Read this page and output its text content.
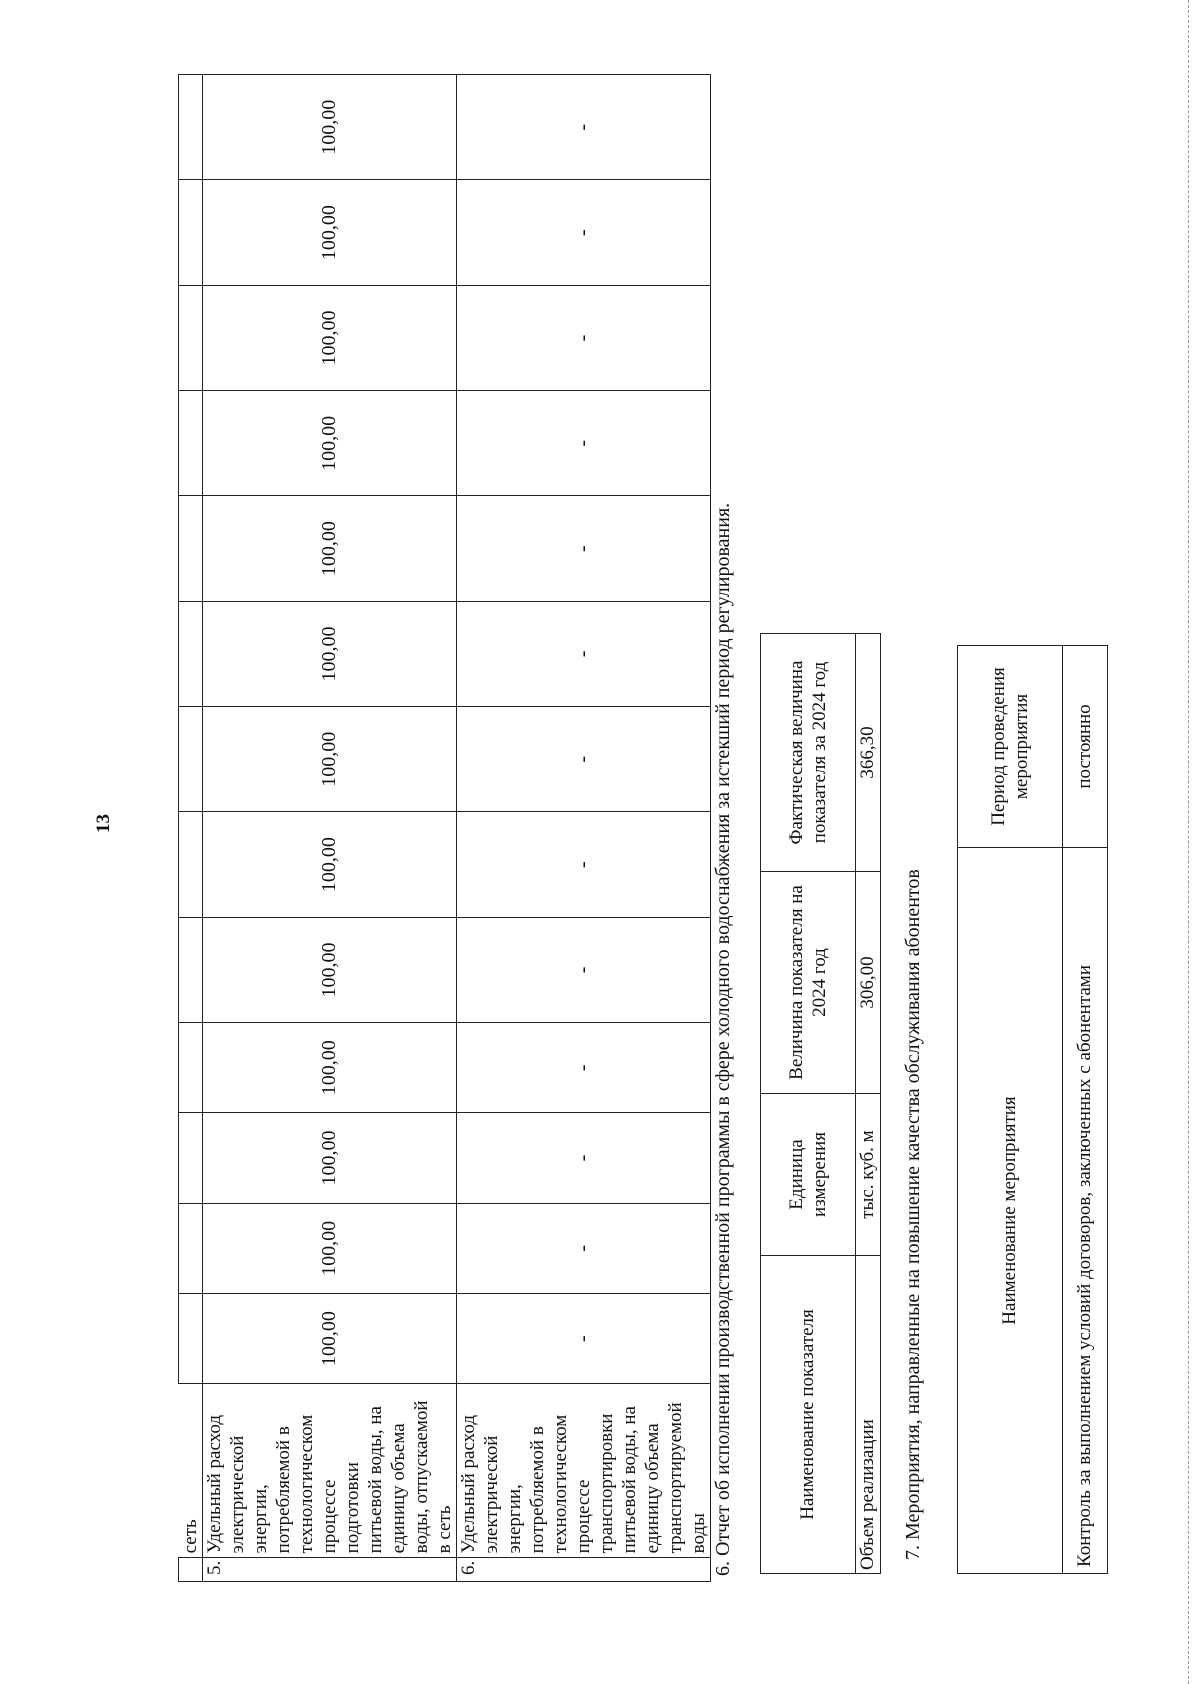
13
	сеть													
5.	Удельный расход электрической энергии, потребляемой в технологическом процессе подготовки питьевой воды, на единицу объема воды, отпускаемой в сеть	100,00	100,00	100,00	100,00	100,00	100,00	100,00	100,00	100,00	100,00	100,00	100,00	100,00
6.	Удельный расход электрической энергии, потребляемой в технологическом процессе транспортировки питьевой воды, на единицу объема транспортируемой воды	-	-	-	-	-	-	-	-	-	-	-	-	-
6. Отчет об исполнении производственной программы в сфере холодного водоснабжения за истекший период регулирования.	Наименование показателя	Единица измерения	Величина показателя на 2024 год	Фактическая величина показателя за 2024 год
Объем реализации	тыс. куб. м	306,00	366,30
7. Мероприятия, направленные на повышение качества обслуживания абонентов	Наименование мероприятия	Период проведения мероприятия
Контроль за выполнением условий договоров, заключенных с абонентами	постоянно
